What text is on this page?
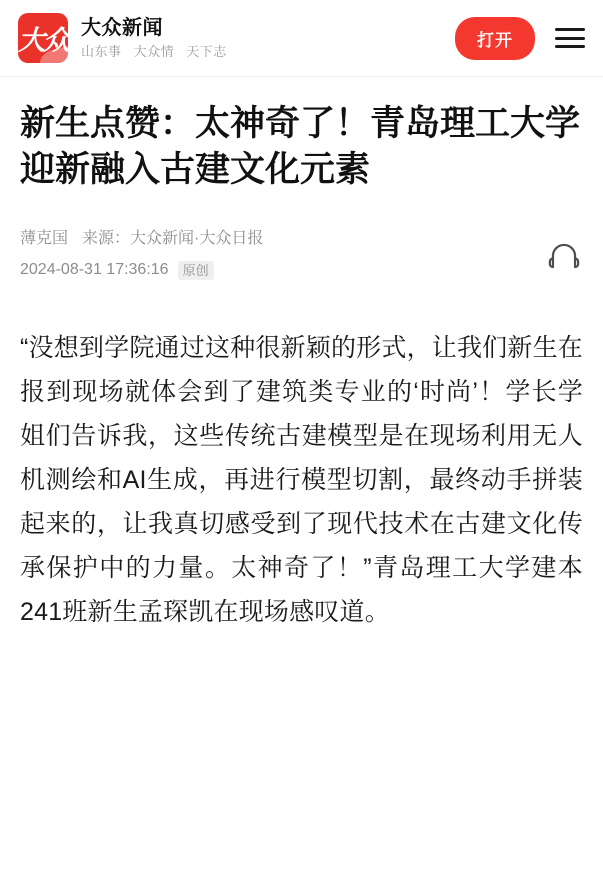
大众 大众新闻
山东事 大众情 天下志
打开
新生点赞：太神奇了！青岛理工大学迎新融入古建文化元素
薄克国 来源：大众新闻·大众日报
2024-08-31 17:36:16	原创

“没想到学院通过这种很新颖的形式，让我们新生在报到现场就体会到了建筑类专业的‘时尚’！学长学姐们告诉我，这些传统古建模型是在现场利用无人机测绘和AI生成，再进行模型切割，最终动手拼装起来的，让我真切感受到了现代技术在古建文化传承保护中的力量。太神奇了！”青岛理工大学建本241班新生孟琛凯在现场感叹道。
